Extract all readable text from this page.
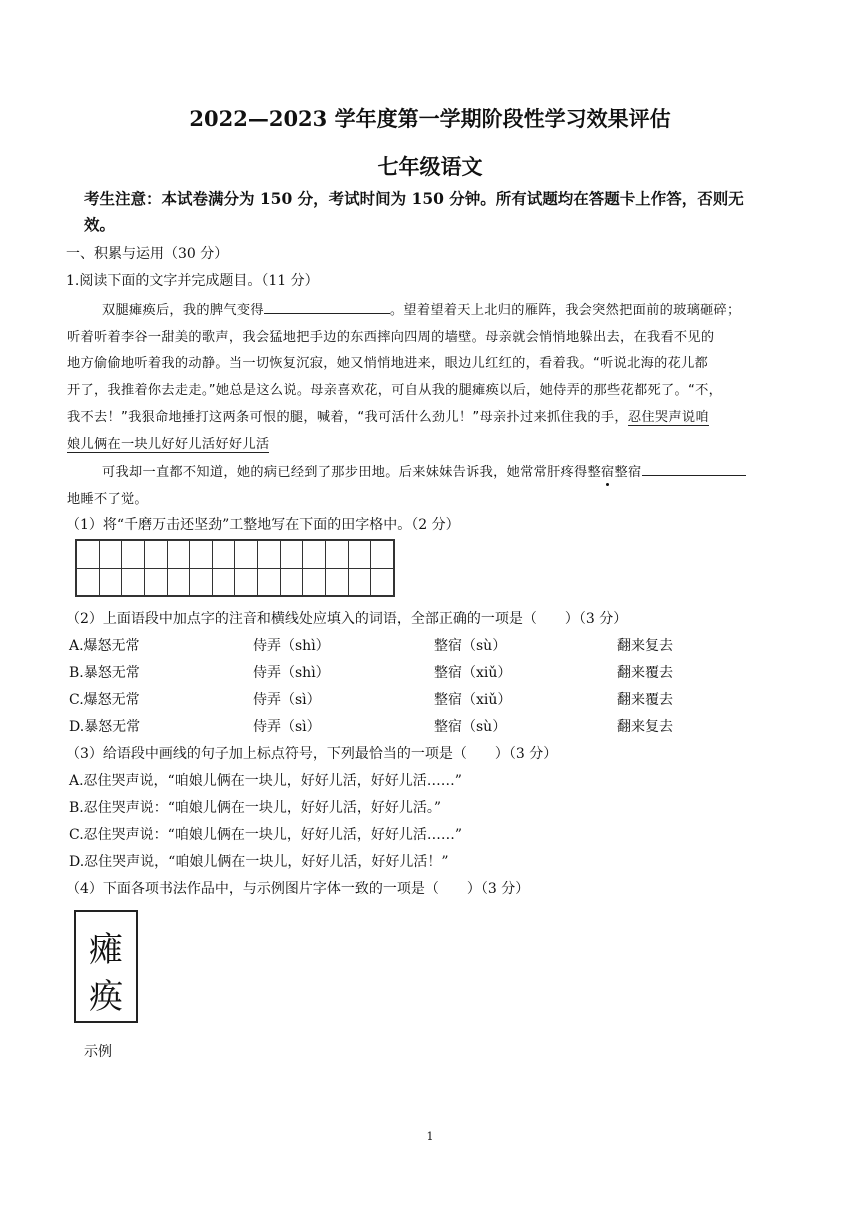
2022—2023 学年度第一学期阶段性学习效果评估
七年级语文
考生注意：本试卷满分为 150 分，考试时间为 150 分钟。所有试题均在答题卡上作答，否则无
效。
一、积累与运用（30 分）
1.阅读下面的文字并完成题目。（11 分）
双腿瘫痪后，我的脾气变得	。望着望着天上北归的雁阵，我会突然把面前的玻璃砸碎；
听着听着李谷一甜美的歌声，我会猛地把手边的东西摔向四周的墙壁。母亲就会悄悄地躲出去，在我看不见的
地方偷偷地听着我的动静。当一切恢复沉寂，她又悄悄地进来，眼边儿红红的，看着我。“听说北海的花儿都
开了，我推着你去走走。”她总是这么说。母亲喜欢花，可自从我的腿瘫痪以后，她侍弄的那些花都死了。“不，
我不去！”我狠命地捶打这两条可恨的腿，喊着，“我可活什么劲儿！”母亲扑过来抓住我的手，忍住哭声说咱
娘儿俩在一块儿好好儿活好好儿活
可我却一直都不知道，她的病已经到了那步田地。后来妹妹告诉我，她常常肝疼得整宿整宿
地睡不了觉。
（1）将“千磨万击还坚劲”工整地写在下面的田字格中。（2 分）
（2）上面语段中加点字的注音和横线处应填入的词语，全部正确的一项是（　　）（3 分）
A.爆怒无常	侍弄（shì）	整宿（sù）	翻来复去
B.暴怒无常	侍弄（shì）	整宿（xiǔ）	翻来覆去
C.爆怒无常	侍弄（sì）	整宿（xiǔ）	翻来覆去
D.暴怒无常	侍弄（sì）	整宿（sù）	翻来复去
（3）给语段中画线的句子加上标点符号，下列最恰当的一项是（　　）（3 分）
A.忍住哭声说，“咱娘儿俩在一块儿，好好儿活，好好儿活……”
B.忍住哭声说：“咱娘儿俩在一块儿，好好儿活，好好儿活。”
C.忍住哭声说：“咱娘儿俩在一块儿，好好儿活，好好儿活……”
D.忍住哭声说，“咱娘儿俩在一块儿，好好儿活，好好儿活！”
（4）下面各项书法作品中，与示例图片字体一致的一项是（　　）（3 分）
瘫
痪
示例
1
